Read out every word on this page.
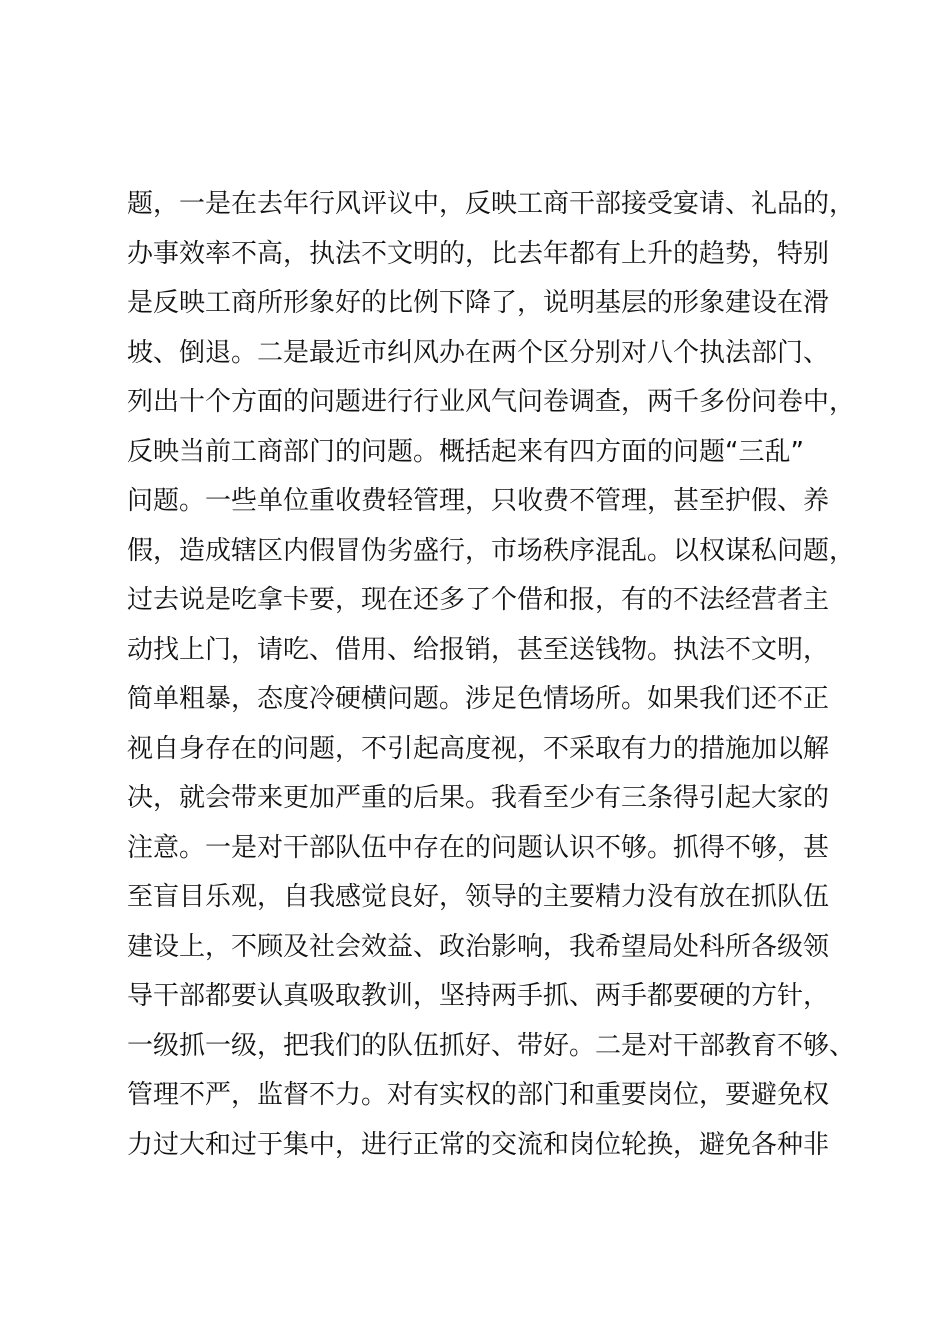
题，一是在去年行风评议中，反映工商干部接受宴请、礼品的，
办事效率不高，执法不文明的，比去年都有上升的趋势，特别
是反映工商所形象好的比例下降了，说明基层的形象建设在滑
坡、倒退。二是最近市纠风办在两个区分别对八个执法部门、
列出十个方面的问题进行行业风气问卷调查，两千多份问卷中，
反映当前工商部门的问题。概括起来有四方面的问题“三乱”
问题。一些单位重收费轻管理，只收费不管理，甚至护假、养
假，造成辖区内假冒伪劣盛行，市场秩序混乱。以权谋私问题，
过去说是吃拿卡要，现在还多了个借和报，有的不法经营者主
动找上门，请吃、借用、给报销，甚至送钱物。执法不文明，
简单粗暴，态度冷硬横问题。涉足色情场所。如果我们还不正
视自身存在的问题，不引起高度视，不采取有力的措施加以解
决，就会带来更加严重的后果。我看至少有三条得引起大家的
注意。一是对干部队伍中存在的问题认识不够。抓得不够，甚
至盲目乐观，自我感觉良好，领导的主要精力没有放在抓队伍
建设上，不顾及社会效益、政治影响，我希望局处科所各级领
导干部都要认真吸取教训，坚持两手抓、两手都要硬的方针，
一级抓一级，把我们的队伍抓好、带好。二是对干部教育不够、
管理不严，监督不力。对有实权的部门和重要岗位，要避免权
力过大和过于集中，进行正常的交流和岗位轮换，避免各种非
